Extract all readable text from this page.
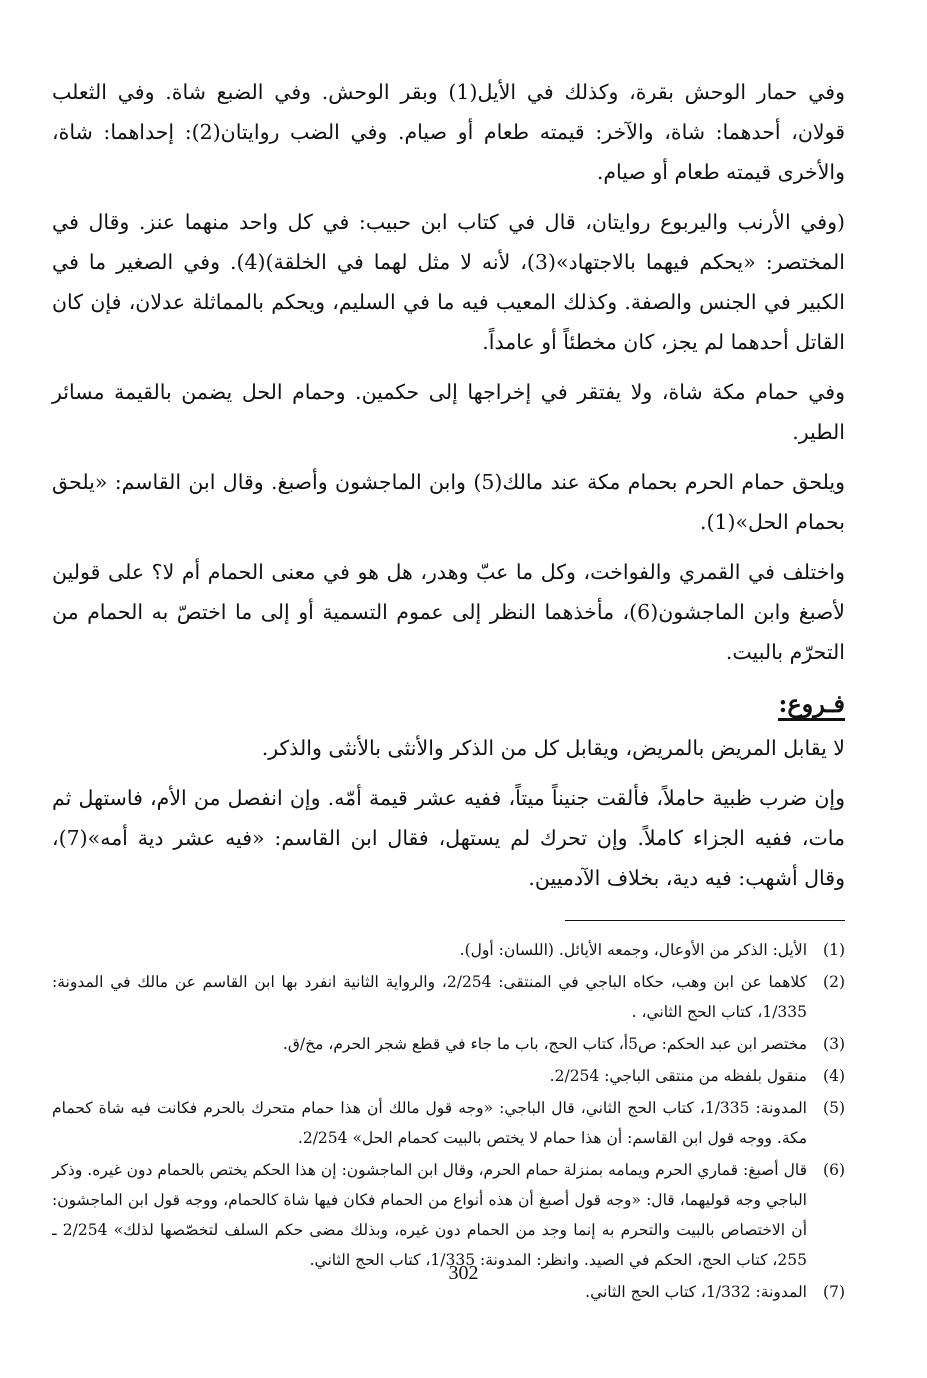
وفي حمار الوحش بقرة، وكذلك في الأيل(1) وبقر الوحش. وفي الضبع شاة. وفي الثعلب قولان، أحدهما: شاة، والآخر: قيمته طعام أو صيام. وفي الضب روايتان(2): إحداهما: شاة، والأخرى قيمته طعام أو صيام.

(وفي الأرنب واليربوع روايتان، قال في كتاب ابن حبيب: في كل واحد منهما عنز. وقال في المختصر: «يحكم فيهما بالاجتهاد»(3)، لأنه لا مثل لهما في الخلقة)(4). وفي الصغير ما في الكبير في الجنس والصفة. وكذلك المعيب فيه ما في السليم، ويحكم بالمماثلة عدلان، فإن كان القاتل أحدهما لم يجز، كان مخطئاً أو عامداً.

وفي حمام مكة شاة، ولا يفتقر في إخراجها إلى حكمين. وحمام الحل يضمن بالقيمة مسائر الطير.

ويلحق حمام الحرم بحمام مكة عند مالك(5) وابن الماجشون وأصبغ. وقال ابن القاسم: «يلحق بحمام الحل»(1).

واختلف في القمري والفواخت، وكل ما عبّ وهدر، هل هو في معنى الحمام أم لا؟ على قولين لأصبغ وابن الماجشون(6)، مأخذهما النظر إلى عموم التسمية أو إلى ما اختصّ به الحمام من التحرّم بالبيت.

فـروع:

لا يقابل المريض بالمريض، ويقابل كل من الذكر والأنثى بالأنثى والذكر.

وإن ضرب ظبية حاملاً، فألقت جنيناً ميتاً، ففيه عشر قيمة أمّه. وإن انفصل من الأم، فاستهل ثم مات، ففيه الجزاء كاملاً. وإن تحرك لم يستهل، فقال ابن القاسم: «فيه عشر دية أمه»(7)، وقال أشهب: فيه دية، بخلاف الآدميين.

(1)
الأيل: الذكر من الأوعال، وجمعه الأيائل. (اللسان: أول).
(2)
كلاهما عن ابن وهب، حكاه الباجي في المنتقى: 2/254، والرواية الثانية انفرد بها ابن القاسم عن مالك في المدونة: 1/335، كتاب الحج الثاني، .
(3)
مختصر ابن عبد الحكم: ص5أ، كتاب الحج، باب ما جاء في قطع شجر الحرم، مخ/ق.
(4)
منقول بلفظه من منتقى الباجي: 2/254.
(5)
المدونة: 1/335، كتاب الحج الثاني، قال الباجي: «وجه قول مالك أن هذا حمام متحرك بالحرم فكانت فيه شاة كحمام مكة. ووجه قول ابن القاسم: أن هذا حمام لا يختص بالبيت كحمام الحل» 2/254.
(6)
قال أصبغ: قماري الحرم ويمامه بمنزلة حمام الحرم، وقال ابن الماجشون: إن هذا الحكم يختص بالحمام دون غيره. وذكر الباجي وجه قوليهما، قال: «وجه قول أصبغ أن هذه أنواع من الحمام فكان فيها شاة كالحمام، ووجه قول ابن الماجشون: أن الاختصاص بالبيت والتحرم به إنما وجد من الحمام دون غيره، وبذلك مضى حكم السلف لتخصّصها لذلك» 2/254 ـ 255، كتاب الحج، الحكم في الصيد. وانظر: المدونة: 1/335، كتاب الحج الثاني.
(7)
المدونة: 1/332، كتاب الحج الثاني.
302
